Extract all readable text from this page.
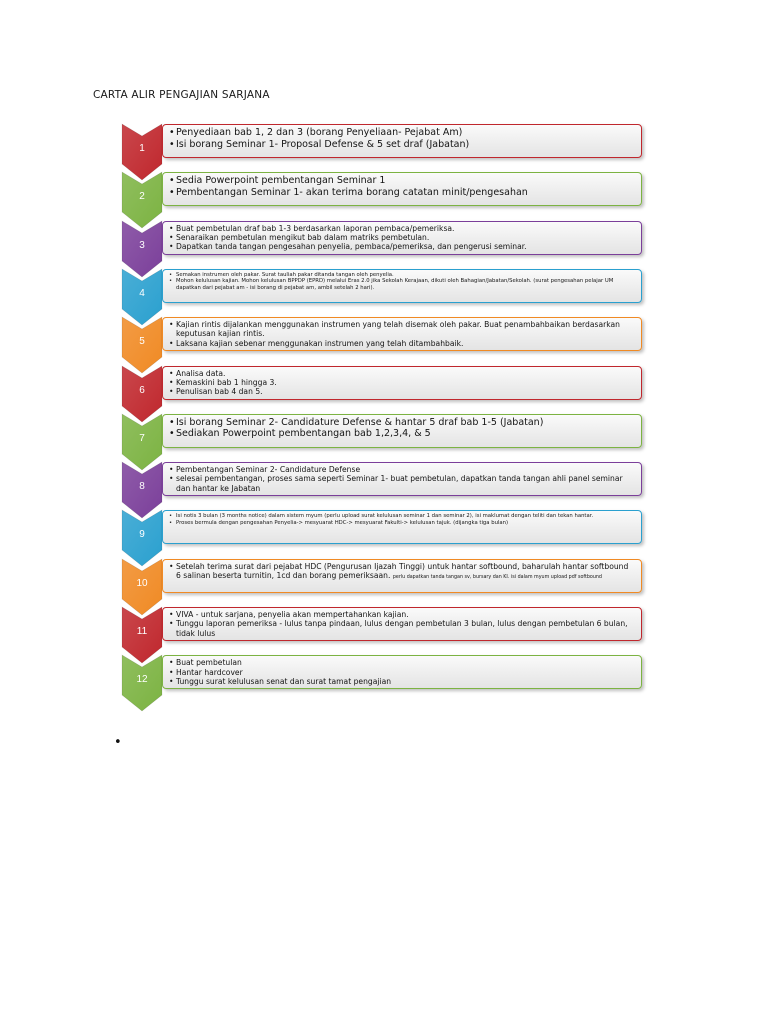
CARTA ALIR PENGAJIAN SARJANA
1
• Penyediaan bab 1, 2 dan 3 (borang Penyeliaan- Pejabat Am)
• Isi borang Seminar 1- Proposal Defense & 5 set draf (Jabatan)
2
• Sedia Powerpoint pembentangan Seminar 1
• Pembentangan Seminar 1- akan terima borang catatan minit/pengesahan
3
• Buat pembetulan draf bab 1-3 berdasarkan laporan pembaca/pemeriksa.
• Senaraikan pembetulan mengikut bab dalam matriks pembetulan.
• Dapatkan tanda tangan pengesahan penyelia, pembaca/pemeriksa, dan pengerusi seminar.
4
• Semakan instrumen oleh pakar. Surat tauliah pakar ditanda tangan oleh penyelia.
• Mohon kelulusan kajian. Mohon kelulusan BPPDP (EPRD) melalui Eras 2.0 jika Sekolah Kerajaan, dikuti oleh Bahagian/Jabatan/Sekolah. (surat pengesahan pelajar UM dapatkan dari pejabat am - isi borang di pejabat am, ambil setelah 2 hari).
5
• Kajian rintis dijalankan menggunakan instrumen yang telah disemak oleh pakar. Buat penambahbaikan berdasarkan keputusan kajian rintis.
• Laksana kajian sebenar menggunakan instrumen yang telah ditambahbaik.
6
• Analisa data.
• Kemaskini bab 1 hingga 3.
• Penulisan bab 4 dan 5.
7
• Isi borang Seminar 2- Candidature Defense & hantar 5 draf bab 1-5 (Jabatan)
• Sediakan Powerpoint pembentangan bab 1,2,3,4, & 5
8
• Pembentangan Seminar 2- Candidature Defense
• selesai pembentangan, proses sama seperti Seminar 1- buat pembetulan, dapatkan tanda tangan ahli panel seminar dan hantar ke Jabatan
9
• Isi notis 3 bulan (3 months notice) dalam sistem myum (perlu upload surat kelulusan seminar 1 dan seminar 2), isi maklumat dengan teliti dan tekan hantar.
• Proses bermula dengan pengesahan Penyelia-> mesyuarat HDC-> mesyuarat Fakulti-> kelulusan tajuk. (dijangka tiga bulan)
10
• Setelah terima surat dari pejabat HDC (Pengurusan Ijazah Tinggi) untuk hantar softbound, baharulah hantar softbound 6 salinan beserta turnitin, 1cd dan borang pemeriksaan. perlu dapatkan tanda tangan sv, bursary dan KI. isi dalam myum upload pdf softbound
11
• VIVA - untuk sarjana, penyelia akan mempertahankan kajian.
• Tunggu laporan pemeriksa - lulus tanpa pindaan, lulus dengan pembetulan 3 bulan, lulus dengan pembetulan 6 bulan, tidak lulus
12
• Buat pembetulan
• Hantar hardcover
• Tunggu surat kelulusan senat dan surat tamat pengajian
•
